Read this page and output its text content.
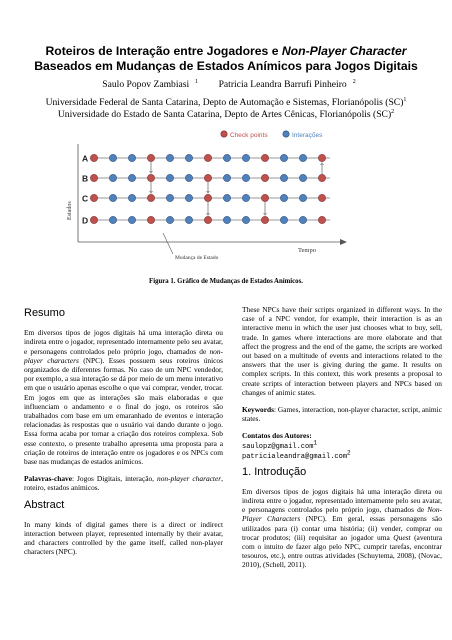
Roteiros de Interação entre Jogadores e Non-Player Character
Baseados em Mudanças de Estados Anímicos para Jogos Digitais
Saulo Popov Zambiasi $^1$ Patricia Leandra Barrufi Pinheiro $^2$
Universidade Federal de Santa Catarina, Depto de Automação e Sistemas, Florianópolis (SC)$^1$
Universidade do Estado de Santa Catarina, Depto de Artes Cênicas, Florianópolis (SC)$^2$
Check points	Interações
Estados
Tempo
Mudança de Estado
A
B
C
D
Figura 1. Gráfico de Mudanças de Estados Anímicos.
Resumo

Em diversos tipos de jogos digitais há uma interação direta ou indireta entre o jogador, representado internamente pelo seu avatar, e personagens controlados pelo próprio jogo, chamados de non-player characters (NPC). Esses possuem seus roteiros únicos organizados de diferentes formas. No caso de um NPC vendedor, por exemplo, a sua interação se dá por meio de um menu interativo em que o usuário apenas escolhe o que vai comprar, vender, trocar. Em jogos em que as interações são mais elaboradas e que influenciam o andamento e o final do jogo, os roteiros são trabalhados com base em um emaranhado de eventos e interação relacionadas às respostas que o usuário vai dando durante o jogo. Essa forma acaba por tornar a criação dos roteiros complexa. Sob esse contexto, o presente trabalho apresenta uma proposta para a criação de roteiros de interação entre os jogadores e os NPCs com base nas mudanças de estados anímicos.

Palavras-chave: Jogos Digitais, interação, non-player character, roteiro, estados anímicos.

Abstract

In many kinds of digital games there is a direct or indirect interaction between player, represented internally by their avatar, and characters controlled by the game itself, called non-player characters (NPC).

These NPCs have their scripts organized in different ways. In the case of a NPC vendor, for example, their interaction is as an interactive menu in which the user just chooses what to buy, sell, trade. In games where interactions are more elaborate and that affect the progress and the end of the game, the scripts are worked out based on a multitude of events and interactions related to the answers that the user is giving during the game. It results on complex scripts. In this context, this work presents a proposal to create scripts of interaction between players and NPCs based on changes of animic states.

Keywords: Games, interaction, non-player character, script, animic states.

Contatos dos Autores:
saulopz@gmail.com$^1$
patricialeandra@gmail.com$^2$

1. Introdução

Em diversos tipos de jogos digitais há uma interação direta ou indireta entre o jogador, representado internamente pelo seu avatar, e personagens controlados pelo próprio jogo, chamados de Non-Player Characters (NPC). Em geral, essas personagens são utilizados para (i) contar uma história; (ii) vender, comprar ou trocar produtos; (iii) requisitar ao jogador uma Quest (aventura com o intuito de fazer algo pelo NPC, cumprir tarefas, encontrar tesouros, etc.), entre outras atividades (Schuytema, 2008), (Novac, 2010), (Schell, 2011).
